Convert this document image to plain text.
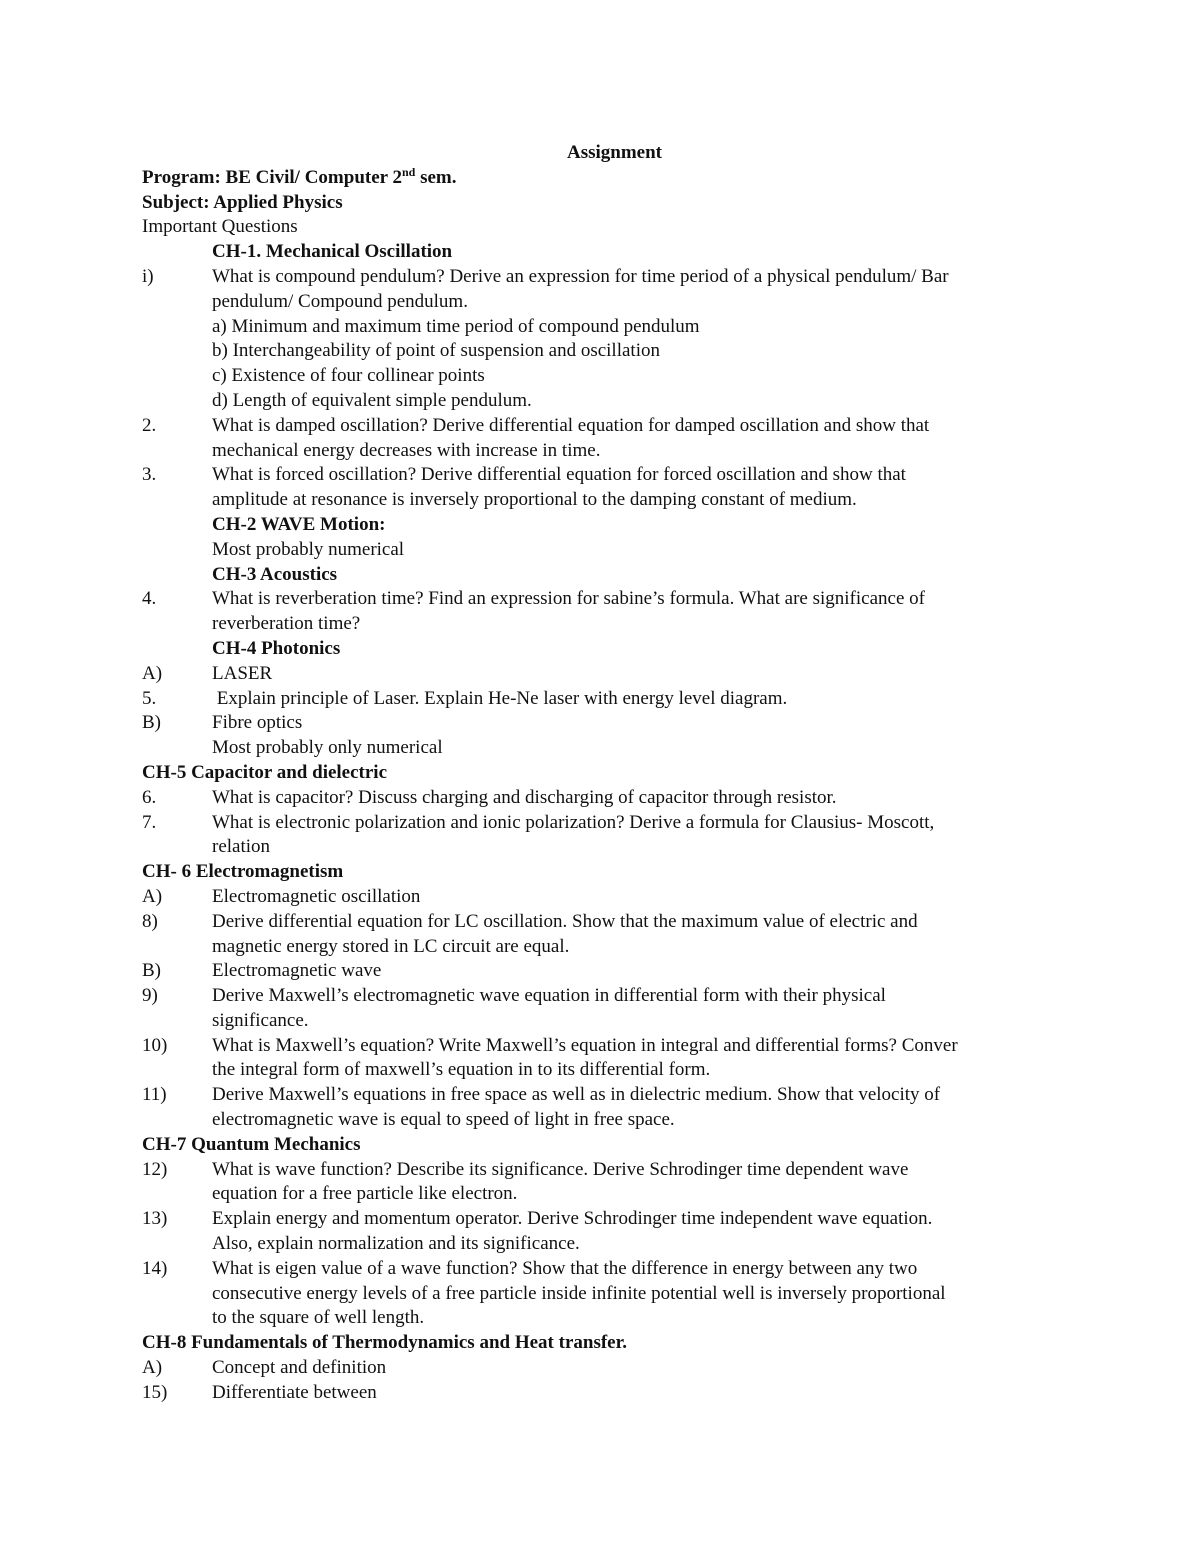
Assignment
Program: BE Civil/ Computer 2nd sem.
Subject: Applied Physics
Important Questions
CH-1. Mechanical Oscillation
i)	What is compound pendulum? Derive an expression for time period of a physical pendulum/ Bar
pendulum/ Compound pendulum.
a) Minimum and maximum time period of compound pendulum
b) Interchangeability of point of suspension and oscillation
c) Existence of four collinear points
d) Length of equivalent simple pendulum.
2.	What is damped oscillation? Derive differential equation for damped oscillation and show that
mechanical energy decreases with increase in time.
3.	What is forced oscillation? Derive differential equation for forced oscillation and show that
amplitude at resonance is inversely proportional to the damping constant of medium.
CH-2 WAVE Motion:
Most probably numerical
CH-3 Acoustics
4.	What is reverberation time? Find an expression for sabine’s formula. What are significance of
reverberation time?
CH-4 Photonics
A)	LASER
5.	Explain principle of Laser. Explain He-Ne laser with energy level diagram.
B)	Fibre optics
Most probably only numerical
CH-5 Capacitor and dielectric
6.	What is capacitor? Discuss charging and discharging of capacitor through resistor.
7.	What is electronic polarization and ionic polarization? Derive a formula for Clausius- Moscott,
relation
CH- 6 Electromagnetism
A)	Electromagnetic oscillation
8)	Derive differential equation for LC oscillation. Show that the maximum value of electric and
magnetic energy stored in LC circuit are equal.
B)	Electromagnetic wave
9)	Derive Maxwell’s electromagnetic wave equation in differential form with their physical
significance.
10) What is Maxwell’s equation? Write Maxwell’s equation in integral and differential forms? Conver
the integral form of maxwell’s equation in to its differential form.
11) Derive Maxwell’s equations in free space as well as in dielectric medium. Show that velocity of
electromagnetic wave is equal to speed of light in free space.
CH-7 Quantum Mechanics
12) What is wave function? Describe its significance. Derive Schrodinger time dependent wave
equation for a free particle like electron.
13) Explain energy and momentum operator. Derive Schrodinger time independent wave equation.
Also, explain normalization and its significance.
14) What is eigen value of a wave function? Show that the difference in energy between any two
consecutive energy levels of a free particle inside infinite potential well is inversely proportional
to the square of well length.
CH-8 Fundamentals of Thermodynamics and Heat transfer.
A)	Concept and definition
15) Differentiate between
